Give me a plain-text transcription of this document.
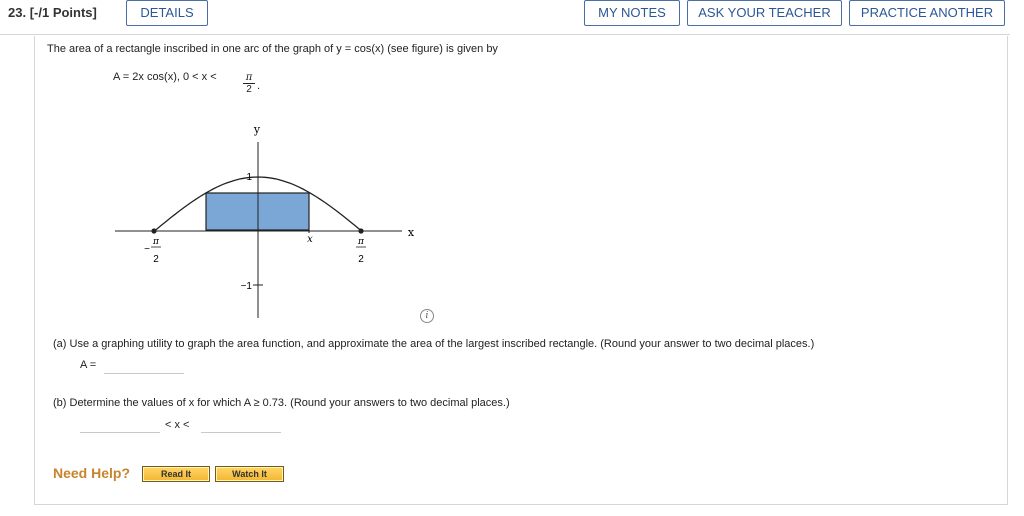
23. [-/1 Points]	DETAILS	MY NOTES	ASK YOUR TEACHER	PRACTICE ANOTHER
The area of a rectangle inscribed in one arc of the graph of y = cos(x) (see figure) is given by
A = 2x cos(x), 0 < x <	$\frac{\pi}{2}$ .
y
x
x
1
−1
−
π
2
π
2
i
(a) Use a graphing utility to graph the area function, and approximate the area of the largest inscribed rectangle. (Round your answer to two decimal places.)
A =
(b) Determine the values of x for which A ≥ 0.73. (Round your answers to two decimal places.)
< x <
Need Help?	Read It	Watch It
